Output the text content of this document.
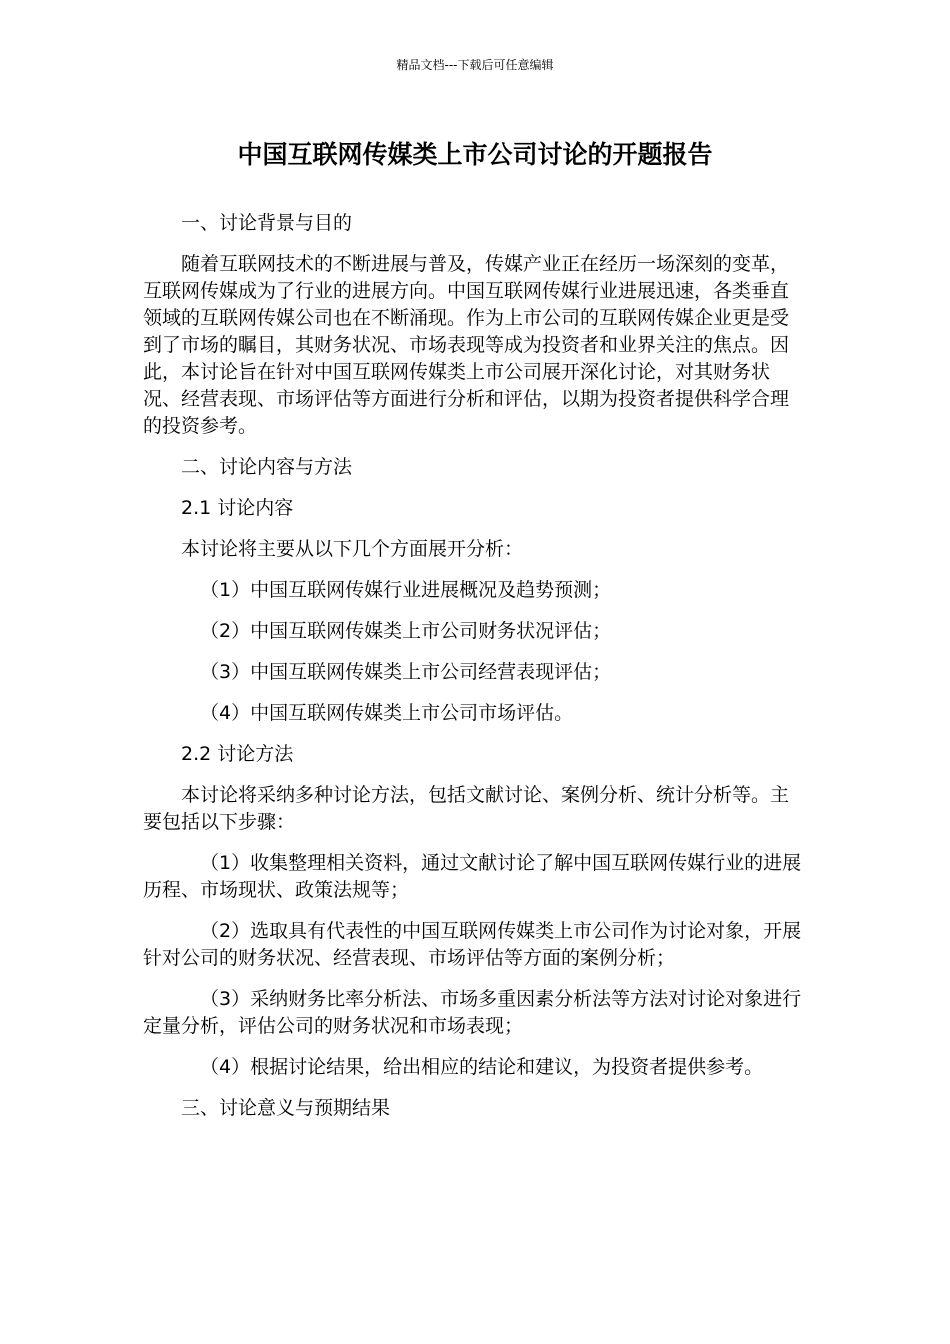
精品文档---下载后可任意编辑
中国互联网传媒类上市公司讨论的开题报告

一、讨论背景与目的

随着互联网技术的不断进展与普及，传媒产业正在经历一场深刻的变革，互联网传媒成为了行业的进展方向。中国互联网传媒行业进展迅速，各类垂直领域的互联网传媒公司也在不断涌现。作为上市公司的互联网传媒企业更是受到了市场的瞩目，其财务状况、市场表现等成为投资者和业界关注的焦点。因此，本讨论旨在针对中国互联网传媒类上市公司展开深化讨论，对其财务状况、经营表现、市场评估等方面进行分析和评估，以期为投资者提供科学合理的投资参考。

二、讨论内容与方法

2.1 讨论内容

本讨论将主要从以下几个方面展开分析：

（1）中国互联网传媒行业进展概况及趋势预测；

（2）中国互联网传媒类上市公司财务状况评估；

（3）中国互联网传媒类上市公司经营表现评估；

（4）中国互联网传媒类上市公司市场评估。

2.2 讨论方法

本讨论将采纳多种讨论方法，包括文献讨论、案例分析、统计分析等。主要包括以下步骤：

（1）收集整理相关资料，通过文献讨论了解中国互联网传媒行业的进展历程、市场现状、政策法规等；

（2）选取具有代表性的中国互联网传媒类上市公司作为讨论对象，开展针对公司的财务状况、经营表现、市场评估等方面的案例分析；

（3）采纳财务比率分析法、市场多重因素分析法等方法对讨论对象进行定量分析，评估公司的财务状况和市场表现；

（4）根据讨论结果，给出相应的结论和建议，为投资者提供参考。

三、讨论意义与预期结果
